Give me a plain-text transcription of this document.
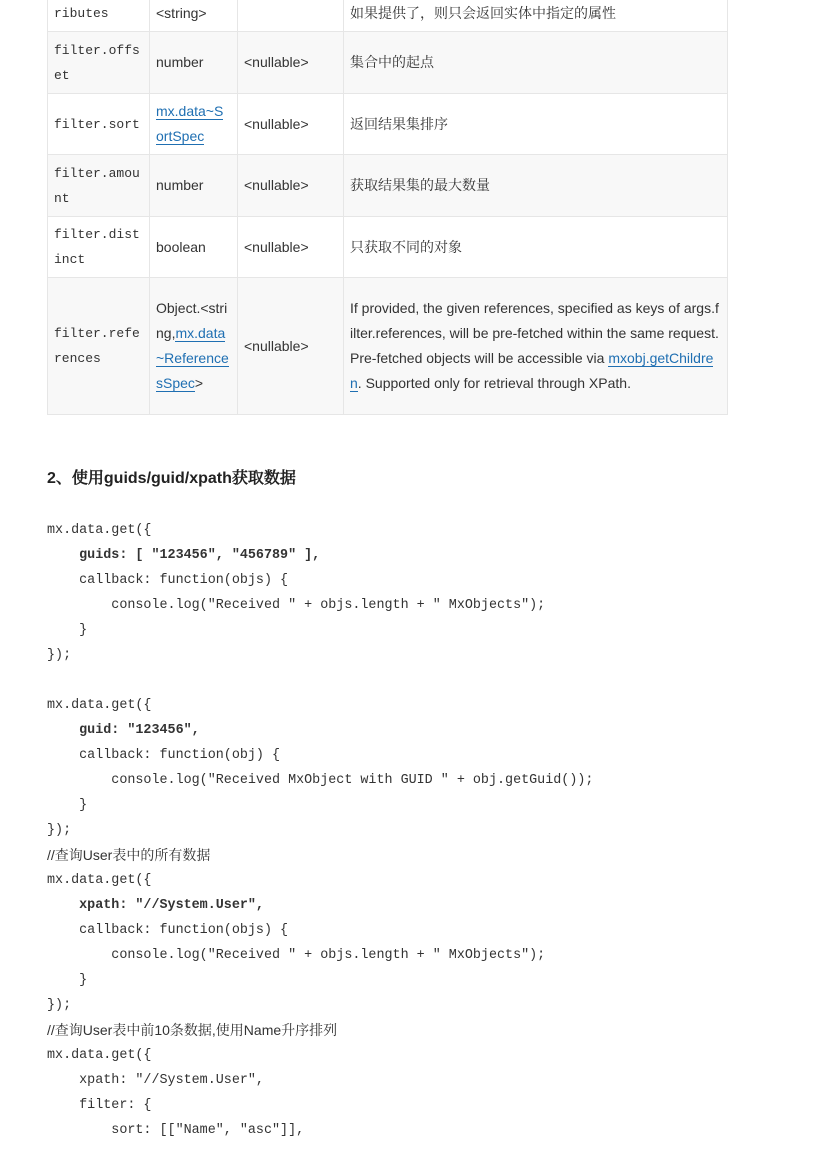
ributes	<string>		如果提供了，则只会返回实体中指定的属性
filter.offset	number	<nullable>	集合中的起点
filter.sort	mx.data~SortSpec	<nullable>	返回结果集排序
filter.amount	number	<nullable>	获取结果集的最大数量
filter.distinct	boolean	<nullable>	只获取不同的对象
filter.references	Object.<string,mx.data~ReferencesSpec>	<nullable>	If provided, the given references, specified as keys of args.filter.references, will be pre-fetched within the same request. Pre-fetched objects will be accessible via mxobj.getChildren. Supported only for retrieval through XPath.
2、使用guids/guid/xpath获取数据
mx.data.get({
guids: [ "123456", "456789" ],
callback: function(objs) {
console.log("Received " + objs.length + " MxObjects");
}
});
mx.data.get({
guid: "123456",
callback: function(obj) {
console.log("Received MxObject with GUID " + obj.getGuid());
}
});
//查询User表中的所有数据
mx.data.get({
xpath: "//System.User",
callback: function(objs) {
console.log("Received " + objs.length + " MxObjects");
}
});
//查询User表中前10条数据,使用Name升序排列
mx.data.get({
xpath: "//System.User",
filter: {
sort: [["Name", "asc"]],
